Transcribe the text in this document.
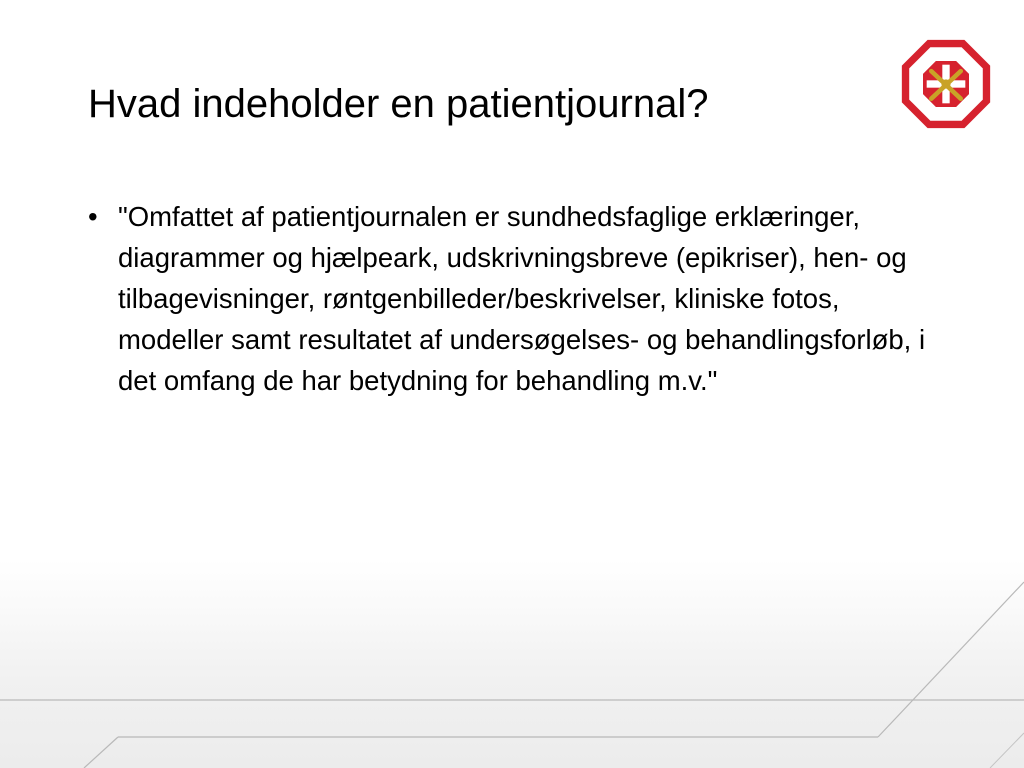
Hvad indeholder en patientjournal?
• "Omfattet af patientjournalen er sundhedsfaglige erklæringer, diagrammer og hjælpeark, udskrivningsbreve (epikriser), hen- og tilbagevisninger, røntgenbilleder/beskrivelser, kliniske fotos, modeller samt resultatet af undersøgelses- og behandlingsforløb, i det omfang de har betydning for behandling m.v."
